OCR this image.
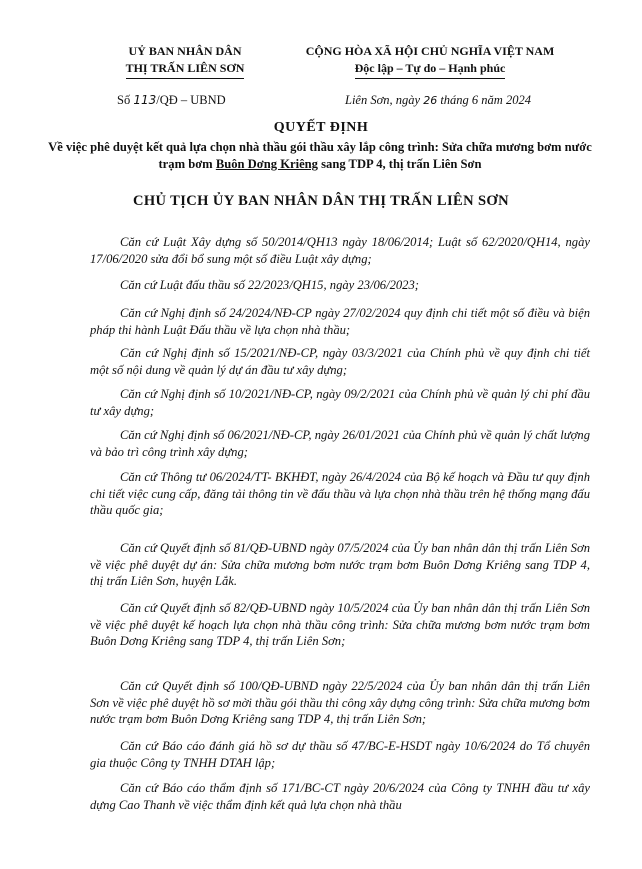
UỶ BAN NHÂN DÂN
THỊ TRẤN LIÊN SƠN
CỘNG HÒA XÃ HỘI CHỦ NGHĨA VIỆT NAM
Độc lập – Tự do – Hạnh phúc
Số 113/QĐ – UBND	Liên Sơn, ngày 26 tháng 6 năm 2024
QUYẾT ĐỊNH
Về việc phê duyệt kết quả lựa chọn nhà thầu gói thầu xây lắp công trình: Sửa chữa mương bơm nước trạm bơm Buôn Dơng Kriêng sang TDP 4, thị trấn Liên Sơn
CHỦ TỊCH ỦY BAN NHÂN DÂN THỊ TRẤN LIÊN SƠN

Căn cứ Luật Xây dựng số 50/2014/QH13 ngày 18/06/2014; Luật số 62/2020/QH14, ngày 17/06/2020 sửa đổi bổ sung một số điều Luật xây dựng;

Căn cứ Luật đấu thầu số 22/2023/QH15, ngày 23/06/2023;

Căn cứ Nghị định số 24/2024/NĐ-CP ngày 27/02/2024 quy định chi tiết một số điều và biện pháp thi hành Luật Đấu thầu về lựa chọn nhà thầu;

Căn cứ Nghị định số 15/2021/NĐ-CP, ngày 03/3/2021 của Chính phủ về quy định chi tiết một số nội dung về quản lý dự án đầu tư xây dựng;

Căn cứ Nghị định số 10/2021/NĐ-CP, ngày 09/2/2021 của Chính phủ về quản lý chi phí đầu tư xây dựng;

Căn cứ Nghị định số 06/2021/NĐ-CP, ngày 26/01/2021 của Chính phủ về quản lý chất lượng và bảo trì công trình xây dựng;

Căn cứ Thông tư 06/2024/TT- BKHĐT, ngày 26/4/2024 của Bộ kế hoạch và Đầu tư quy định chi tiết việc cung cấp, đăng tải thông tin về đấu thầu và lựa chọn nhà thầu trên hệ thống mạng đấu thầu quốc gia;

Căn cứ Quyết định số 81/QĐ-UBND ngày 07/5/2024 của Ủy ban nhân dân thị trấn Liên Sơn về việc phê duyệt dự án: Sửa chữa mương bơm nước trạm bơm Buôn Dơng Kriêng sang TDP 4, thị trấn Liên Sơn, huyện Lắk.

Căn cứ Quyết định số 82/QĐ-UBND ngày 10/5/2024 của Ủy ban nhân dân thị trấn Liên Sơn về việc phê duyệt kế hoạch lựa chọn nhà thầu công trình: Sửa chữa mương bơm nước trạm bơm Buôn Dơng Kriêng sang TDP 4, thị trấn Liên Sơn;

Căn cứ Quyết định số 100/QĐ-UBND ngày 22/5/2024 của Ủy ban nhân dân thị trấn Liên Sơn về việc phê duyệt hồ sơ mời thầu gói thầu thi công xây dựng công trình: Sửa chữa mương bơm nước trạm bơm Buôn Dơng Kriêng sang TDP 4, thị trấn Liên Sơn;

Căn cứ Báo cáo đánh giá hồ sơ dự thầu số 47/BC-E-HSDT ngày 10/6/2024 do Tổ chuyên gia thuộc Công ty TNHH DTAH lập;

Căn cứ Báo cáo thẩm định số 171/BC-CT ngày 20/6/2024 của Công ty TNHH đầu tư xây dựng Cao Thanh về việc thẩm định kết quả lựa chọn nhà thầu
